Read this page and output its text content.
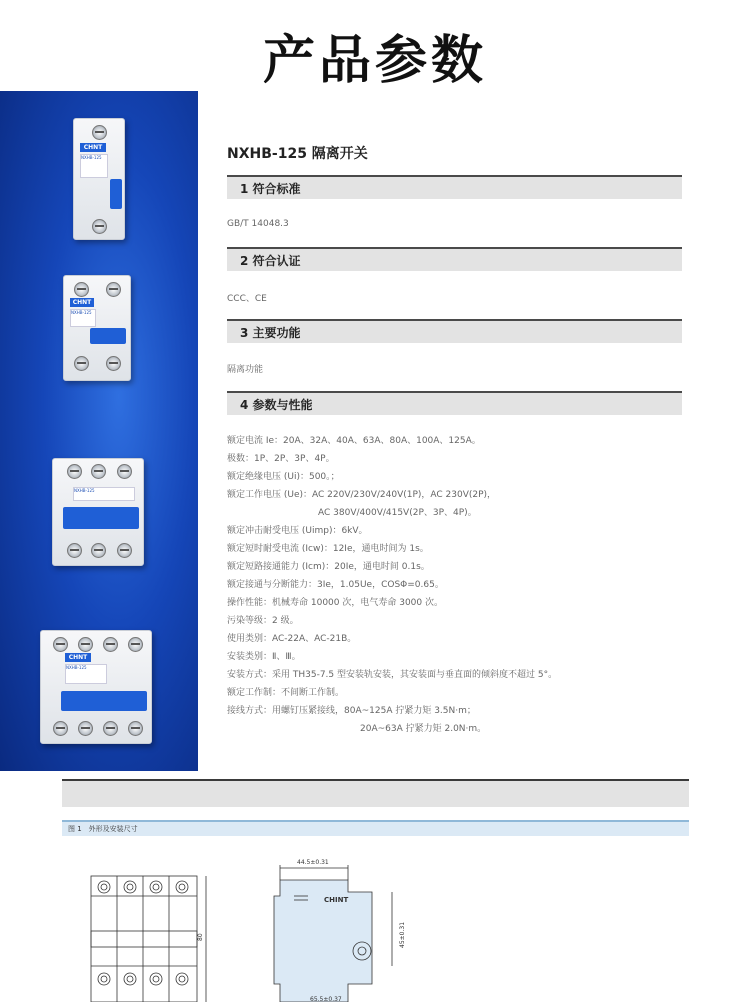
产品参数
CHNT
NXHB-125
CHNT
NXHB-125
NXHB-125
CHNT
NXHB-125
NXHB-125 隔离开关
1 符合标准
GB/T 14048.3
2 符合认证
CCC、CE
3 主要功能
隔离功能
4 参数与性能
额定电流 Ie：20A、32A、40A、63A、80A、100A、125A。
极数：1P、2P、3P、4P。
额定绝缘电压 (Ui)：500。；
额定工作电压 (Ue)：AC 220V/230V/240V(1P)，AC 230V(2P)，
AC 380V/400V/415V(2P、3P、4P)。
额定冲击耐受电压 (Uimp)：6kV。
额定短时耐受电流 (Icw)：12Ie，通电时间为 1s。
额定短路接通能力 (Icm)：20Ie，通电时间 0.1s。
额定接通与分断能力：3Ie，1.05Ue，COSΦ=0.65。
操作性能：机械寿命 10000 次，电气寿命 3000 次。
污染等级：2 级。
使用类别：AC-22A、AC-21B。
安装类别：Ⅱ、Ⅲ。
安装方式：采用 TH35-7.5 型安装轨安装，其安装面与垂直面的倾斜度不超过 5°。
额定工作制：不间断工作制。
接线方式：用螺钉压紧接线，80A~125A 拧紧力矩 3.5N·m；
20A~63A 拧紧力矩 2.0N·m。
图 1　外形及安装尺寸
80
44.5±0.31
45±0.31
CHINT
65.5±0.37
